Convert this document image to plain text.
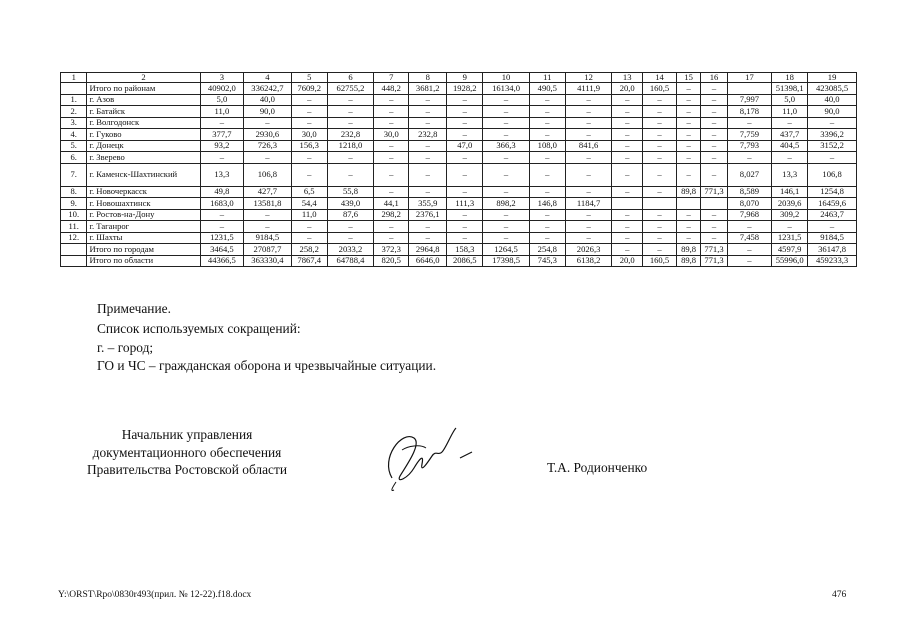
1	2	3	4	5	6	7	8	9	10	11	12	13	14	15	16	17	18	19
	Итого по районам	40902,0	336242,7	7609,2	62755,2	448,2	3681,2	1928,2	16134,0	490,5	4111,9	20,0	160,5	–	–		51398,1	423085,5
1.	г. Азов	5,0	40,0	–	–	–	–	–	–	–	–	–	–	–	–	7,997	5,0	40,0
2.	г. Батайск	11,0	90,0	–	–	–	–	–	–	–	–	–	–	–	–	8,178	11,0	90,0
3.	г. Волгодонск	–	–	–	–	–	–	–	–	–	–	–	–	–	–	–	–	–
4.	г. Гуково	377,7	2930,6	30,0	232,8	30,0	232,8	–	–	–	–	–	–	–	–	7,759	437,7	3396,2
5.	г. Донецк	93,2	726,3	156,3	1218,0	–	–	47,0	366,3	108,0	841,6	–	–	–	–	7,793	404,5	3152,2
6.	г. Зверево	–	–	–	–	–	–	–	–	–	–	–	–	–	–	–	–	–
7.	г. Каменск-Шахтинский	13,3	106,8	–	–	–	–	–	–	–	–	–	–	–	–	8,027	13,3	106,8
8.	г. Новочеркасск	49,8	427,7	6,5	55,8	–	–	–	–	–	–	–	–	89,8	771,3	8,589	146,1	1254,8
9.	г. Новошахтинск	1683,0	13581,8	54,4	439,0	44,1	355,9	111,3	898,2	146,8	1184,7					8,070	2039,6	16459,6
10.	г. Ростов-на-Дону	–	–	11,0	87,6	298,2	2376,1	–	–	–	–	–	–	–	–	7,968	309,2	2463,7
11.	г. Таганрог	–	–	–	–	–	–	–	–	–	–	–	–	–	–	–	–	–
12.	г. Шахты	1231,5	9184,5	–	–	–	–	–	–	–	–	–	–	–	–	7,458	1231,5	9184,5
	Итого по городам	3464,5	27087,7	258,2	2033,2	372,3	2964,8	158,3	1264,5	254,8	2026,3	–	–	89,8	771,3	–	4597,9	36147,8
	Итого по области	44366,5	363330,4	7867,4	64788,4	820,5	6646,0	2086,5	17398,5	745,3	6138,2	20,0	160,5	89,8	771,3	–	55996,0	459233,3
Примечание.
Список используемых сокращений:
г. – город;
ГО и ЧС – гражданская оборона и чрезвычайные ситуации.
Начальник управления
документационного обеспечения
Правительства Ростовской области	Т.А. Родионченко
Y:\ORST\Rpo\0830r493(прил. № 12-22).f18.docx	476
